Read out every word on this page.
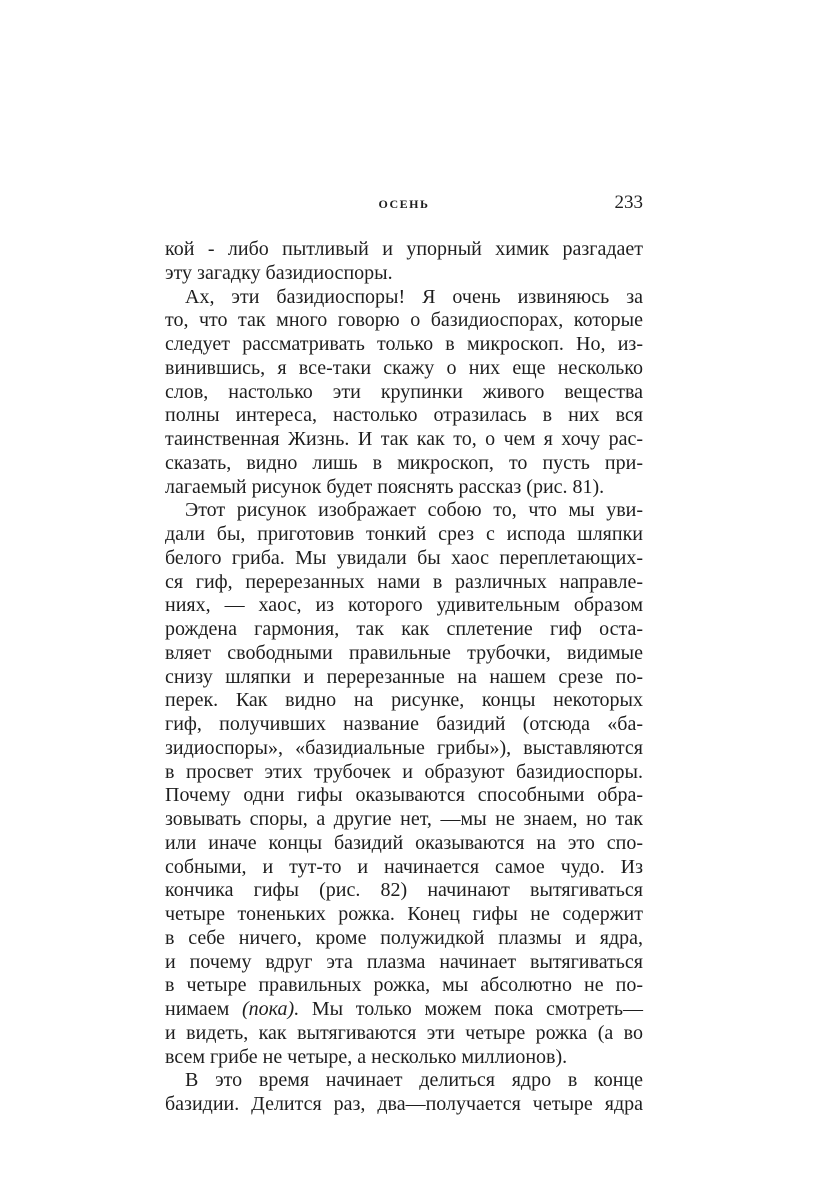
ОСЕНЬ	233
кой - либо пытливый и упорный химик разгадает
эту загадку базидиоспоры.
Ах, эти базидиоспоры! Я очень извиняюсь за
то, что так много говорю о базидиоспорах, которые
следует рассматривать только в микроскоп. Но, из-
винившись, я все-таки скажу о них еще несколько
слов, настолько эти крупинки живого вещества
полны интереса, настолько отразилась в них вся
таинственная Жизнь. И так как то, о чем я хочу рас-
сказать, видно лишь в микроскоп, то пусть при-
лагаемый рисунок будет пояснять рассказ (рис. 81).
Этот рисунок изображает собою то, что мы уви-
дали бы, приготовив тонкий срез с исподa шляпки
белого гриба. Мы увидали бы хаос переплетающих-
ся гиф, перерезанных нами в различных направле-
ниях, — хаос, из которого удивительным образом
рождена гармония, так как сплетение гиф оста-
вляет свободными правильные трубочки, видимые
снизу шляпки и перерезанные на нашем срезе по-
перек. Как видно на рисунке, концы некоторых
гиф, получивших название базидий (отсюда «ба-
зидиоспоры», «базидиальные грибы»), выставляются
в просвет этих трубочек и образуют базидиоспоры.
Почему одни гифы оказываются способными обра-
зовывать споры, а другие нет, —мы не знаем, но так
или иначе концы базидий оказываются на это спо-
собными, и тут-то и начинается самое чудо. Из
кончика гифы (рис. 82) начинают вытягиваться
четыре тоненьких рожка. Конец гифы не содержит
в себе ничего, кроме полужидкой плазмы и ядра,
и почему вдруг эта плазма начинает вытягиваться
в четыре правильных рожка, мы абсолютно не по-
нимаем (пока). Мы только можем пока смотреть—
и видеть, как вытягиваются эти четыре рожка (а во
всем грибе не четыре, а несколько миллионов).
В это время начинает делиться ядро в конце
базидии. Делится раз, два—получается четыре ядра
